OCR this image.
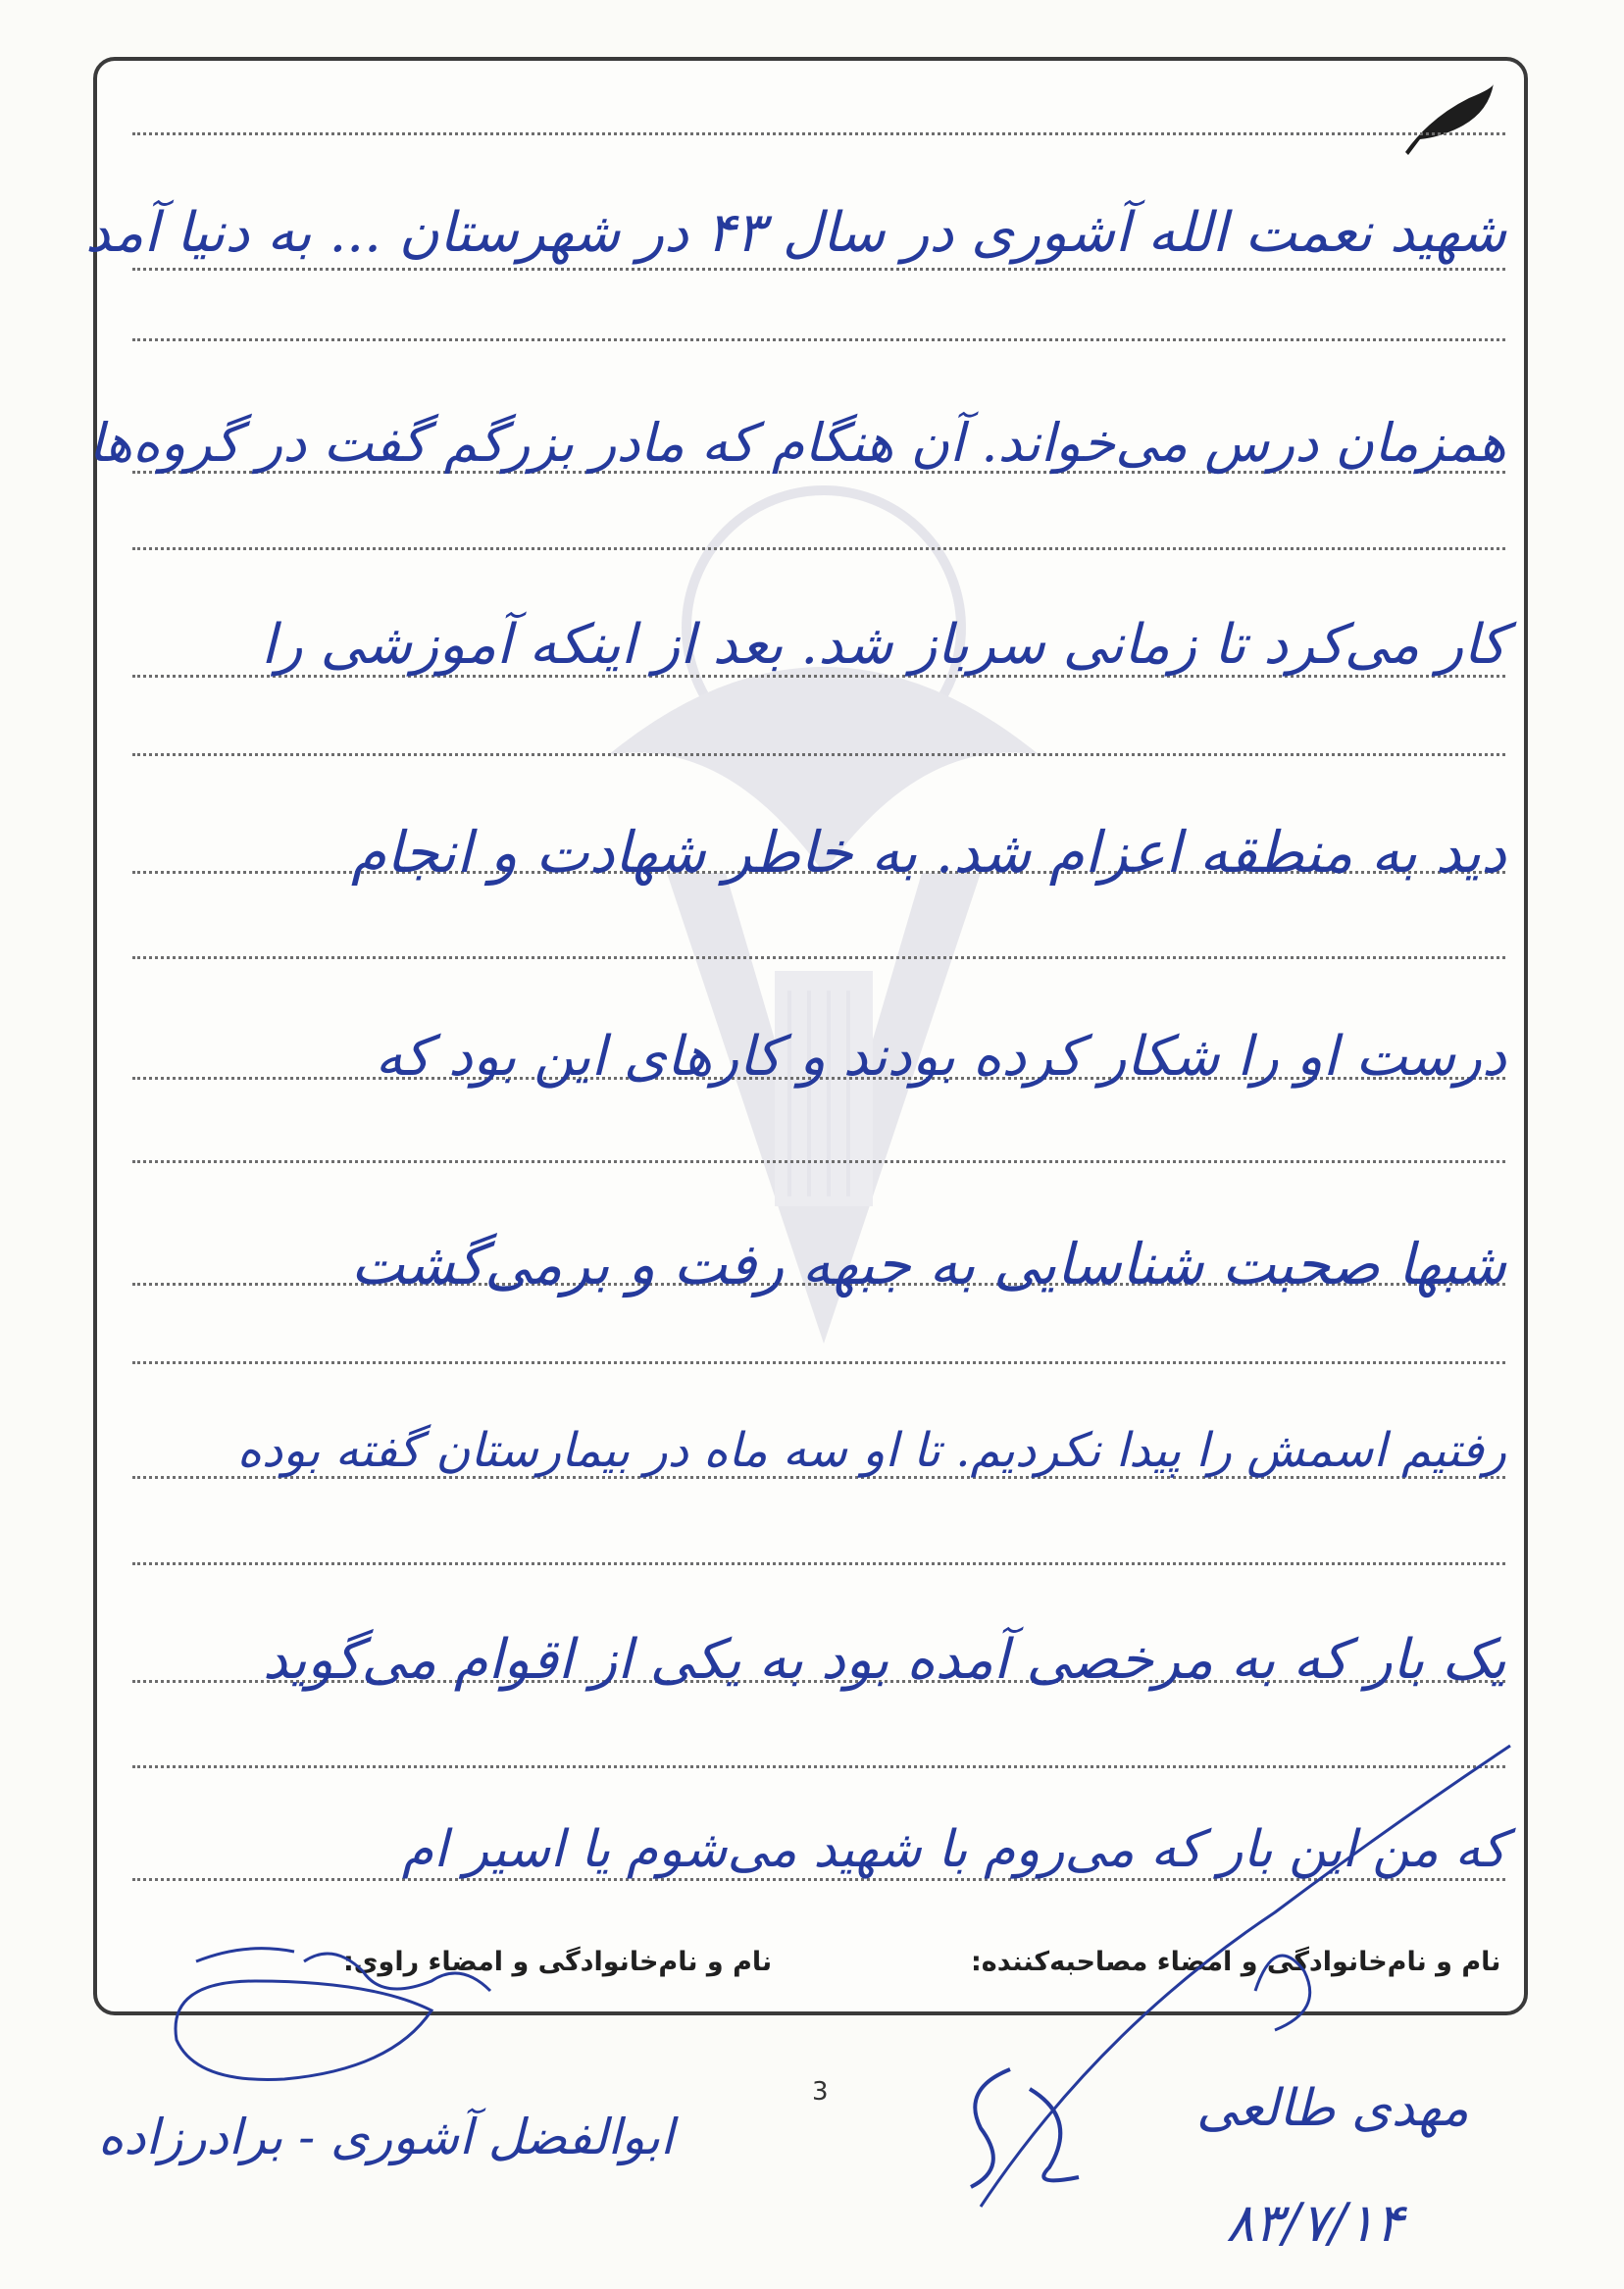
شهید نعمت الله آشوری در سال ۴۳ در شهرستان ... به دنیا آمد
همزمان درس می‌خواند. آن هنگام که مادر بزرگم گفت در گروه‌ها
کار می‌کرد تا زمانی سرباز شد. بعد از اینکه آموزشی را
دید به منطقه اعزام شد. به خاطر شهادت و انجام
درست او را شکار کرده بودند و کارهای این بود که
شبها صحبت شناسایی به جبهه رفت و برمی‌گشت
رفتیم اسمش را پیدا نکردیم. تا او سه ماه در بیمارستان گفته بوده
یک بار که به مرخصی آمده بود به یکی از اقوام می‌گوید
که من این بار که می‌روم با شهید می‌شوم یا اسیر ام
نام و نام‌خانوادگی و امضاء مصاحبه‌کننده:
نام و نام‌خانوادگی و امضاء راوی:
3
ابوالفضل آشوری - برادرزاده	مهدی طالعی
۸۳/۷/۱۴
